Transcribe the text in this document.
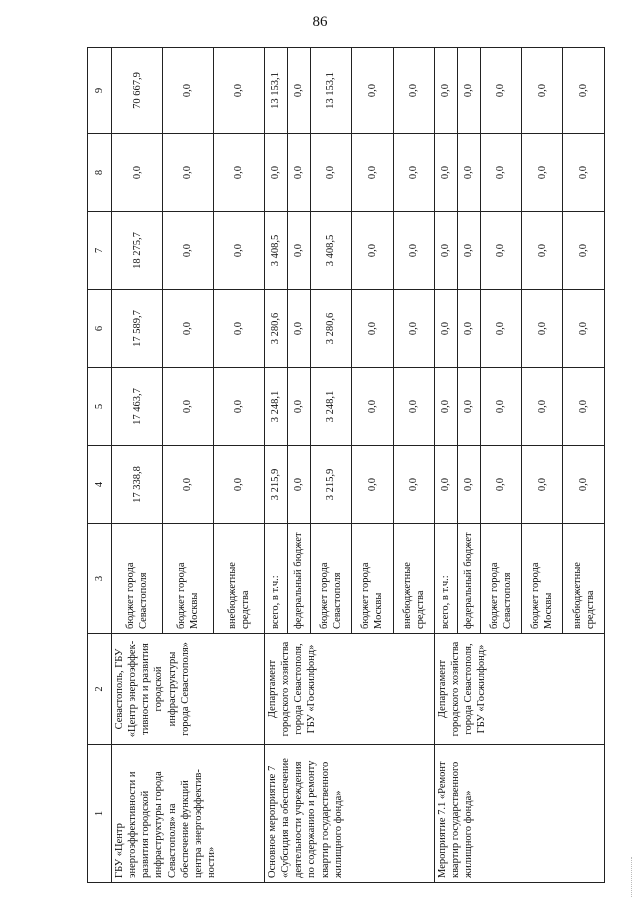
86
1	2	3	4	5	6	7	8	9
ГБУ «Центр энергоэффективности и развития городской инфраструктуры города Севастополя» на обеспечение функций центра энергоэффектив-ности»	Севастополь, ГБУ «Центр энергоэффек-тивности и развития городской инфраструктуры города Севастополя»	бюджет города Севастополя	17 338,8	17 463,7	17 589,7	18 275,7	0,0	70 667,9
		бюджет города Москвы	0,0	0,0	0,0	0,0	0,0	0,0
		внебюджетные средства	0,0	0,0	0,0	0,0	0,0	0,0
Основное мероприятие 7 «Субсидия на обеспечение деятельности учреждения по содержанию и ремонту квартир государственного жилищного фонда»	Департамент городского хозяйства города Севастополя, ГБУ «Госжилфонд»	всего, в т.ч.:	3 215,9	3 248,1	3 280,6	3 408,5	0,0	13 153,1
		федеральный бюджет	0,0	0,0	0,0	0,0	0,0	0,0
		бюджет города Севастополя	3 215,9	3 248,1	3 280,6	3 408,5	0,0	13 153,1
		бюджет города Москвы	0,0	0,0	0,0	0,0	0,0	0,0
		внебюджетные средства	0,0	0,0	0,0	0,0	0,0	0,0
Мероприятие 7.1 «Ремонт квартир государственного жилищного фонда»	Департамент городского хозяйства города Севастополя, ГБУ «Госжилфонд»	всего, в т.ч.:	0,0	0,0	0,0	0,0	0,0	0,0
		федеральный бюджет	0,0	0,0	0,0	0,0	0,0	0,0
		бюджет города Севастополя	0,0	0,0	0,0	0,0	0,0	0,0
		бюджет города Москвы	0,0	0,0	0,0	0,0	0,0	0,0
		внебюджетные средства	0,0	0,0	0,0	0,0	0,0	0,0
